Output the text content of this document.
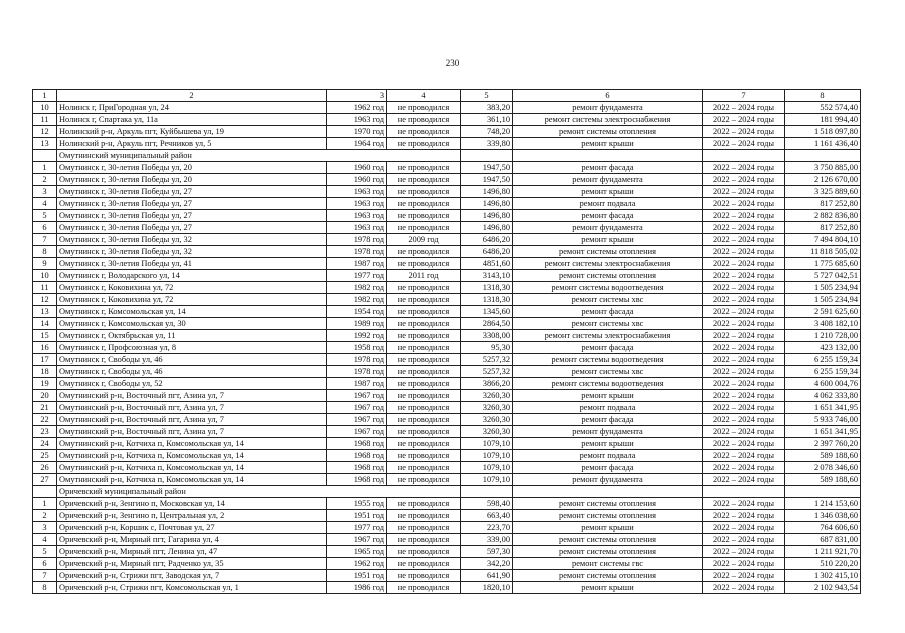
230
1	2	3	4	5	6	7	8
10	Нолинск г, ПриГородная ул, 24	1962 год	не проводился	383,20	ремонт фундамента	2022 – 2024 годы	552 574,40
11	Нолинск г, Спартака ул, 11а	1963 год	не проводился	361,10	ремонт системы электроснабжения	2022 – 2024 годы	181 994,40
12	Нолинский р-н, Аркуль пгт, Куйбышева ул, 19	1970 год	не проводился	748,20	ремонт системы отопления	2022 – 2024 годы	1 518 097,80
13	Нолинский р-н, Аркуль пгт, Речников ул, 5	1964 год	не проводился	339,80	ремонт крыши	2022 – 2024 годы	1 161 436,40
	Омутнинский муниципальный район						
1	Омутнинск г, 30-летия Победы ул, 20	1960 год	не проводился	1947,50	ремонт фасада	2022 – 2024 годы	3 750 885,00
2	Омутнинск г, 30-летия Победы ул, 20	1960 год	не проводился	1947,50	ремонт фундамента	2022 – 2024 годы	2 126 670,00
3	Омутнинск г, 30-летия Победы ул, 27	1963 год	не проводился	1496,80	ремонт крыши	2022 – 2024 годы	3 325 889,60
4	Омутнинск г, 30-летия Победы ул, 27	1963 год	не проводился	1496,80	ремонт подвала	2022 – 2024 годы	817 252,80
5	Омутнинск г, 30-летия Победы ул, 27	1963 год	не проводился	1496,80	ремонт фасада	2022 – 2024 годы	2 882 836,80
6	Омутнинск г, 30-летия Победы ул, 27	1963 год	не проводился	1496,80	ремонт фундамента	2022 – 2024 годы	817 252,80
7	Омутнинск г, 30-летия Победы ул, 32	1978 год	2009 год	6486,20	ремонт крыши	2022 – 2024 годы	7 494 804,10
8	Омутнинск г, 30-летия Победы ул, 32	1978 год	не проводился	6486,20	ремонт системы отопления	2022 – 2024 годы	11 818 505,02
9	Омутнинск г, 30-летия Победы ул, 41	1987 год	не проводился	4851,60	ремонт системы электроснабжения	2022 – 2024 годы	1 775 685,60
10	Омутнинск г, Володарского ул, 14	1977 год	2011 год	3143,10	ремонт системы отопления	2022 – 2024 годы	5 727 042,51
11	Омутнинск г, Коковихина ул, 72	1982 год	не проводился	1318,30	ремонт системы водоотведения	2022 – 2024 годы	1 505 234,94
12	Омутнинск г, Коковихина ул, 72	1982 год	не проводился	1318,30	ремонт системы хвс	2022 – 2024 годы	1 505 234,94
13	Омутнинск г, Комсомольская ул, 14	1954 год	не проводился	1345,60	ремонт фасада	2022 – 2024 годы	2 591 625,60
14	Омутнинск г, Комсомольская ул, 30	1989 год	не проводился	2864,50	ремонт системы хвс	2022 – 2024 годы	3 408 182,10
15	Омутнинск г, Октябрьская ул, 11	1992 год	не проводился	3308,00	ремонт системы электроснабжения	2022 – 2024 годы	1 210 728,00
16	Омутнинск г, Профсоюзная ул, 8	1958 год	не проводился	95,30	ремонт фасада	2022 – 2024 годы	423 132,00
17	Омутнинск г, Свободы ул, 46	1978 год	не проводился	5257,32	ремонт системы водоотведения	2022 – 2024 годы	6 255 159,34
18	Омутнинск г, Свободы ул, 46	1978 год	не проводился	5257,32	ремонт системы хвс	2022 – 2024 годы	6 255 159,34
19	Омутнинск г, Свободы ул, 52	1987 год	не проводился	3866,20	ремонт системы водоотведения	2022 – 2024 годы	4 600 004,76
20	Омутнинский р-н, Восточный пгт, Азина ул, 7	1967 год	не проводился	3260,30	ремонт крыши	2022 – 2024 годы	4 062 333,80
21	Омутнинский р-н, Восточный пгт, Азина ул, 7	1967 год	не проводился	3260,30	ремонт подвала	2022 – 2024 годы	1 651 341,95
22	Омутнинский р-н, Восточный пгт, Азина ул, 7	1967 год	не проводился	3260,30	ремонт фасада	2022 – 2024 годы	5 933 746,00
23	Омутнинский р-н, Восточный пгт, Азина ул, 7	1967 год	не проводился	3260,30	ремонт фундамента	2022 – 2024 годы	1 651 341,95
24	Омутнинский р-н, Котчиха п, Комсомольская ул, 14	1968 год	не проводился	1079,10	ремонт крыши	2022 – 2024 годы	2 397 760,20
25	Омутнинский р-н, Котчиха п, Комсомольская ул, 14	1968 год	не проводился	1079,10	ремонт подвала	2022 – 2024 годы	589 188,60
26	Омутнинский р-н, Котчиха п, Комсомольская ул, 14	1968 год	не проводился	1079,10	ремонт фасада	2022 – 2024 годы	2 078 346,60
27	Омутнинский р-н, Котчиха п, Комсомольская ул, 14	1968 год	не проводился	1079,10	ремонт фундамента	2022 – 2024 годы	589 188,60
	Оричевский муниципальный район						
1	Оричевский р-н, Зенгино п, Московская ул, 14	1955 год	не проводился	598,40	ремонт системы отопления	2022 – 2024 годы	1 214 153,60
2	Оричевский р-н, Зенгино п, Центральная ул, 2	1951 год	не проводился	663,40	ремонт системы отопления	2022 – 2024 годы	1 346 038,60
3	Оричевский р-н, Коршик с, Почтовая ул, 27	1977 год	не проводился	223,70	ремонт крыши	2022 – 2024 годы	764 606,60
4	Оричевский р-н, Мирный пгт, Гагарина ул, 4	1967 год	не проводился	339,00	ремонт системы отопления	2022 – 2024 годы	687 831,00
5	Оричевский р-н, Мирный пгт, Ленина ул, 47	1965 год	не проводился	597,30	ремонт системы отопления	2022 – 2024 годы	1 211 921,70
6	Оричевский р-н, Мирный пгт, Радченко ул, 35	1962 год	не проводился	342,20	ремонт системы гвс	2022 – 2024 годы	510 220,20
7	Оричевский р-н, Стрижи пгт, Заводская ул, 7	1951 год	не проводился	641,90	ремонт системы отопления	2022 – 2024 годы	1 302 415,10
8	Оричевский р-н, Стрижи пгт, Комсомольская ул, 1	1986 год	не проводился	1820,10	ремонт крыши	2022 – 2024 годы	2 102 943,54
